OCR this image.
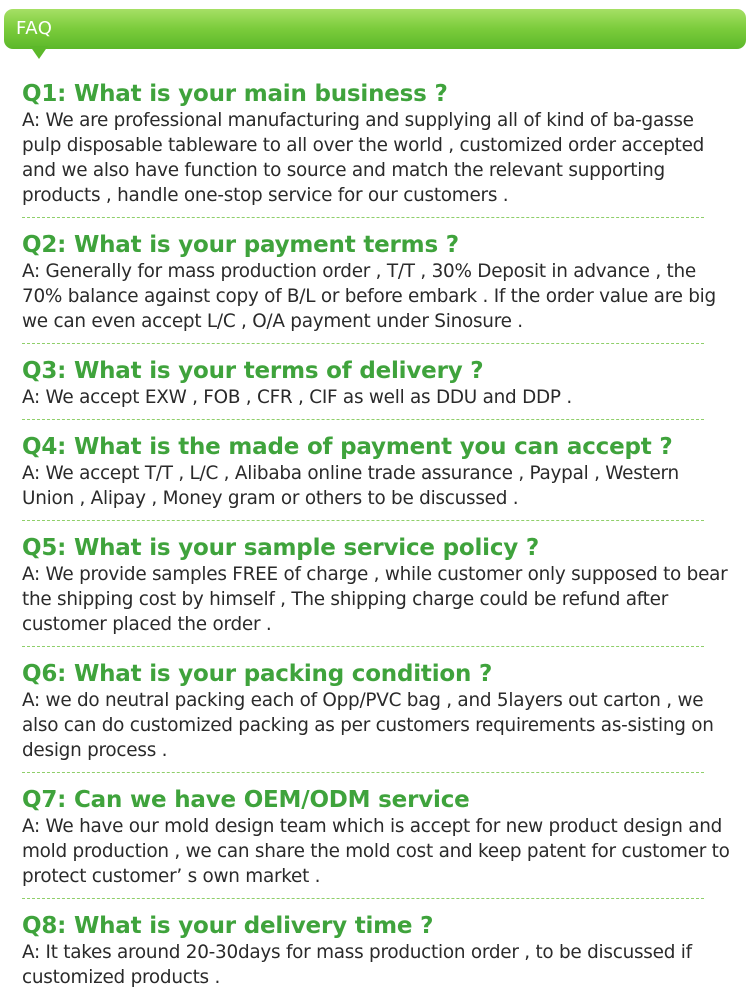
FAQ
Q1: What is your main business ?
A: We are professional manufacturing and supplying all of kind of ba-gasse pulp disposable tableware to all over the world , customized order accepted and we also have function to source and match the relevant supporting products , handle one-stop service for our customers .
Q2: What is your payment terms ?
A: Generally for mass production order , T/T , 30% Deposit in advance , the 70% balance against copy of B/L or before embark . If the order value are big we can even accept L/C , O/A payment under Sinosure .
Q3: What is your terms of delivery ?
A: We accept EXW , FOB , CFR , CIF as well as DDU and DDP .
Q4: What is the made of payment you can accept ?
A: We accept T/T , L/C , Alibaba online trade assurance , Paypal , Western Union , Alipay , Money gram or others to be discussed .
Q5: What is your sample service policy ?
A: We provide samples FREE of charge , while customer only supposed to bear the shipping cost by himself , The shipping charge could be refund after customer placed the order .
Q6: What is your packing condition ?
A: we do neutral packing each of Opp/PVC bag , and 5layers out carton , we also can do customized packing as per customers requirements as-sisting on design process .
Q7: Can we have OEM/ODM service
A: We have our mold design team which is accept for new product design and mold production , we can share the mold cost and keep patent for customer to protect customer’ s own market .
Q8: What is your delivery time ?
A: It takes around 20-30days for mass production order , to be discussed if customized products .
